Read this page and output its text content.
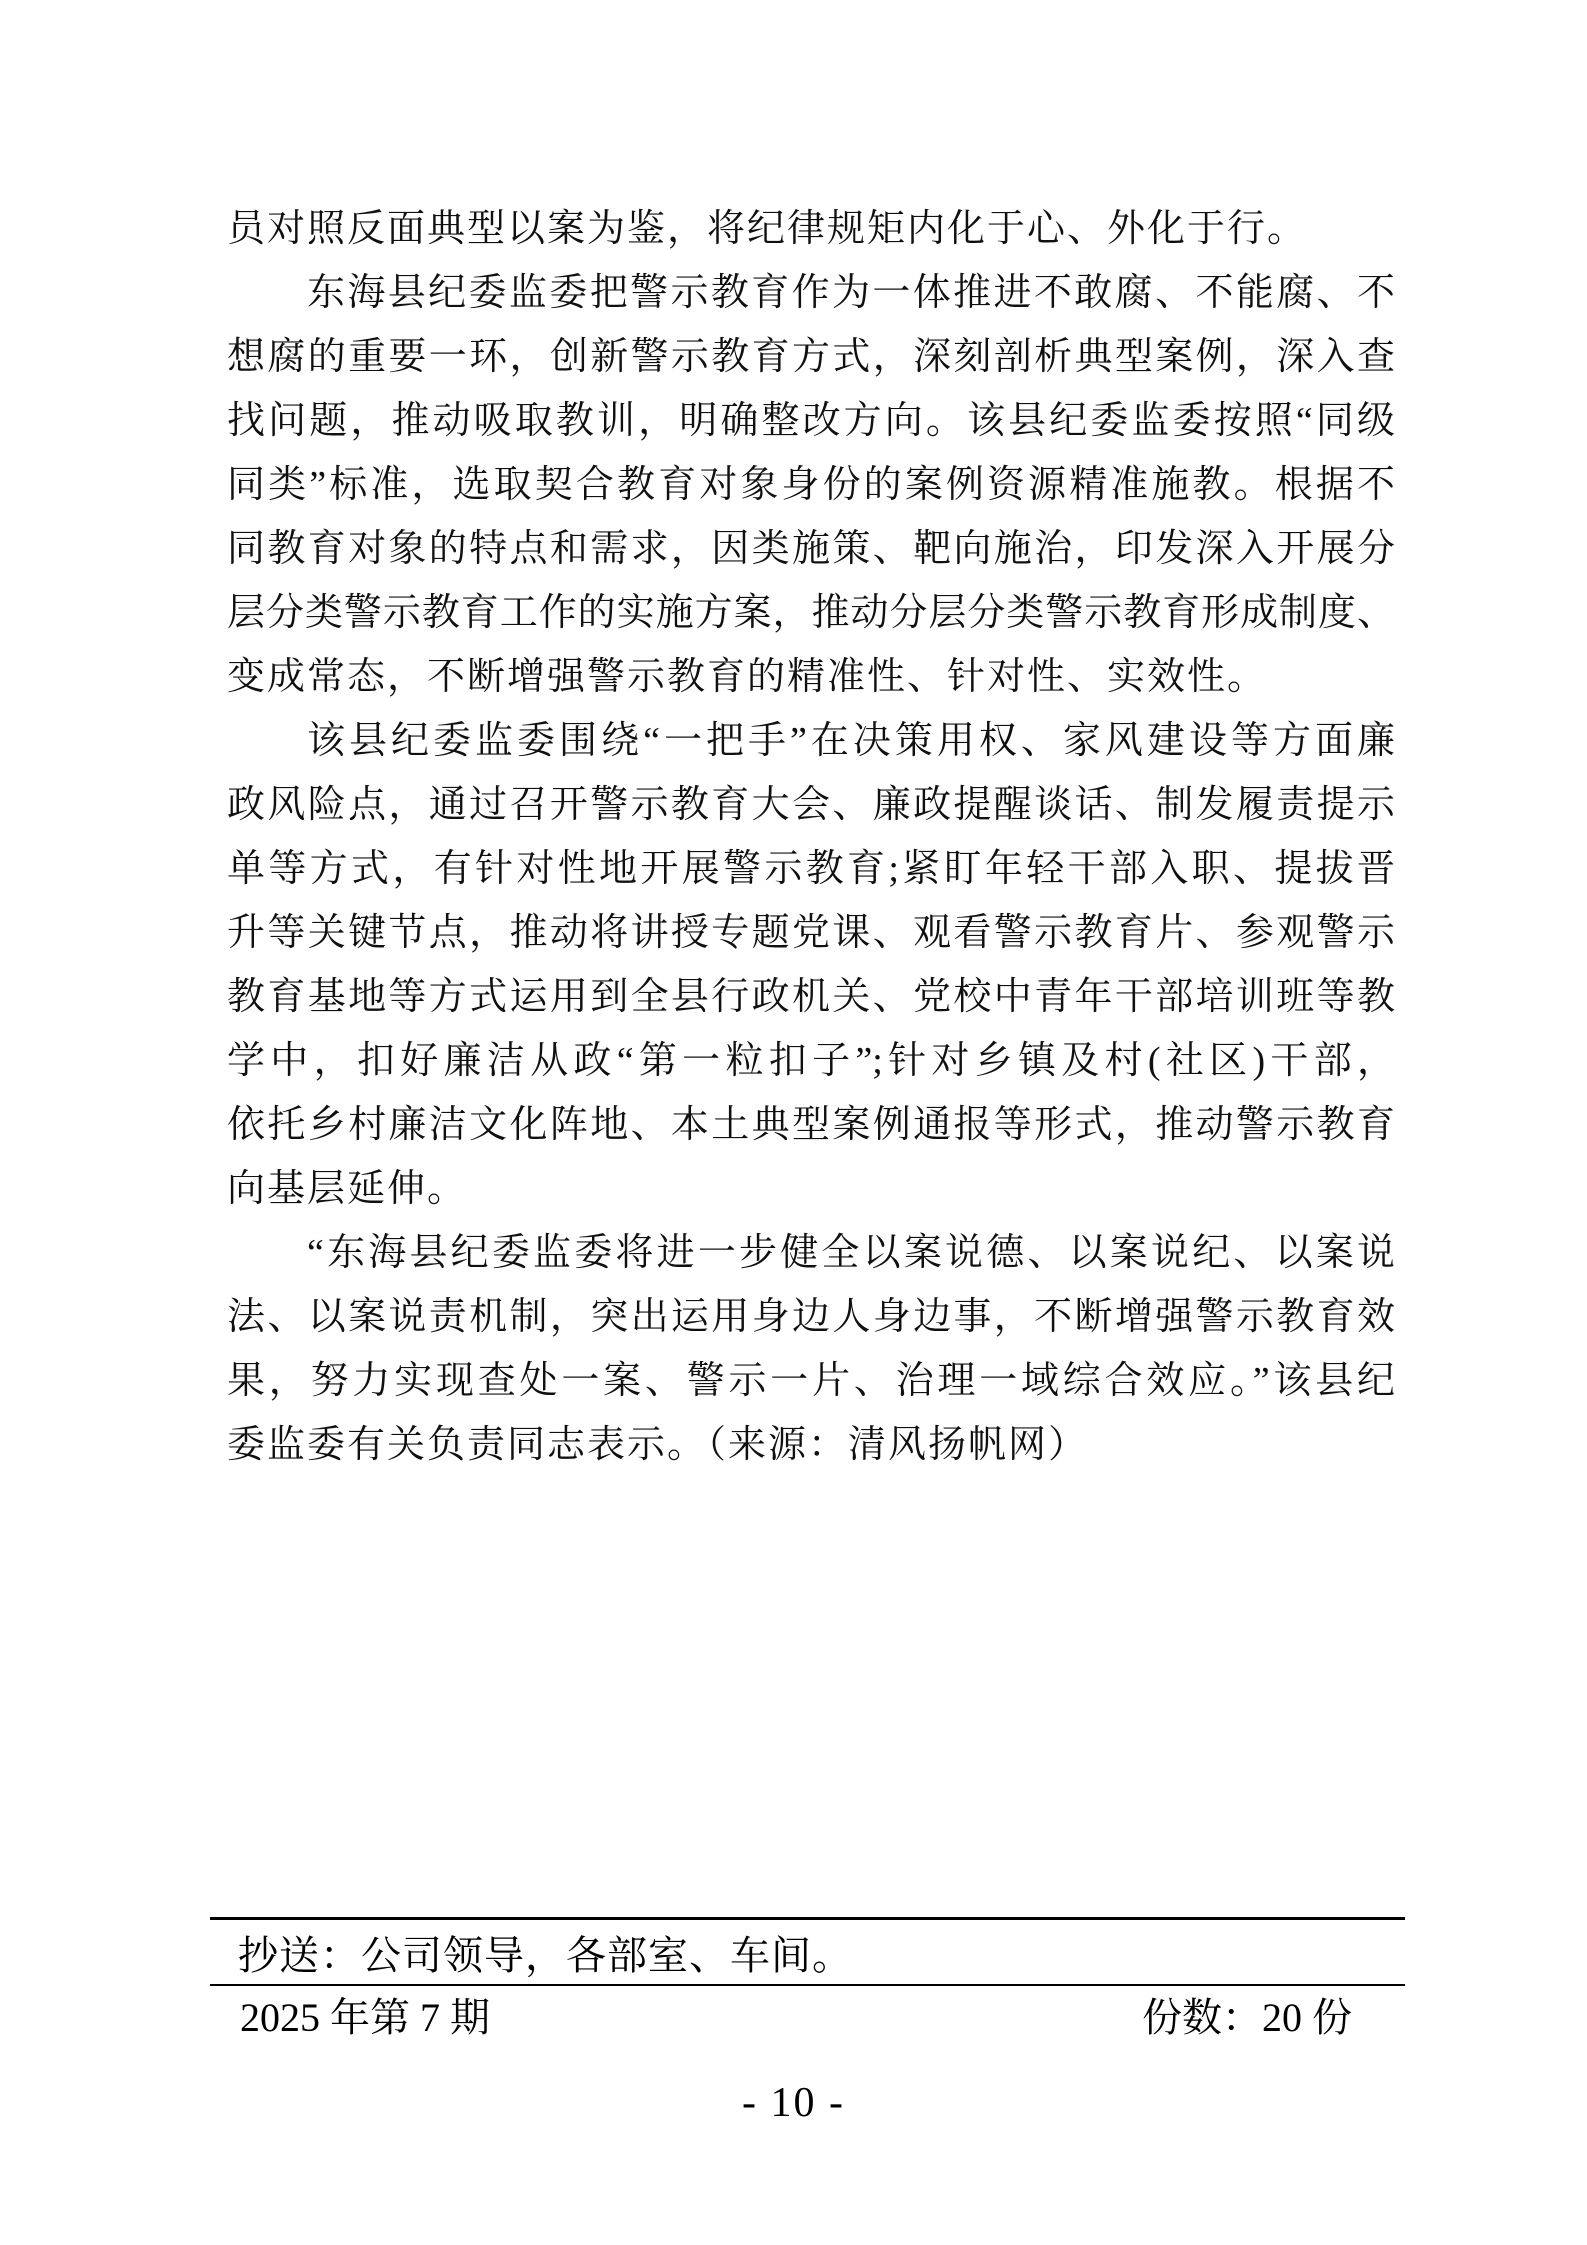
员对照反面典型以案为鉴，将纪律规矩内化于心、外化于行。
东海县纪委监委把警示教育作为一体推进不敢腐、不能腐、不
想腐的重要一环，创新警示教育方式，深刻剖析典型案例，深入查
找问题，推动吸取教训，明确整改方向。该县纪委监委按照“同级
同类”标准，选取契合教育对象身份的案例资源精准施教。根据不
同教育对象的特点和需求，因类施策、靶向施治，印发深入开展分
层分类警示教育工作的实施方案，推动分层分类警示教育形成制度、
变成常态，不断增强警示教育的精准性、针对性、实效性。
该县纪委监委围绕“一把手”在决策用权、家风建设等方面廉
政风险点，通过召开警示教育大会、廉政提醒谈话、制发履责提示
单等方式，有针对性地开展警示教育;紧盯年轻干部入职、提拔晋
升等关键节点，推动将讲授专题党课、观看警示教育片、参观警示
教育基地等方式运用到全县行政机关、党校中青年干部培训班等教
学中，扣好廉洁从政“第一粒扣子”;针对乡镇及村(社区)干部，
依托乡村廉洁文化阵地、本土典型案例通报等形式，推动警示教育
向基层延伸。
“东海县纪委监委将进一步健全以案说德、以案说纪、以案说
法、以案说责机制，突出运用身边人身边事，不断增强警示教育效
果，努力实现查处一案、警示一片、治理一域综合效应。”该县纪
委监委有关负责同志表示。（来源：清风扬帆网）
抄送：公司领导，各部室、车间。
2025 年第 7 期	份数：20 份
- 10 -
